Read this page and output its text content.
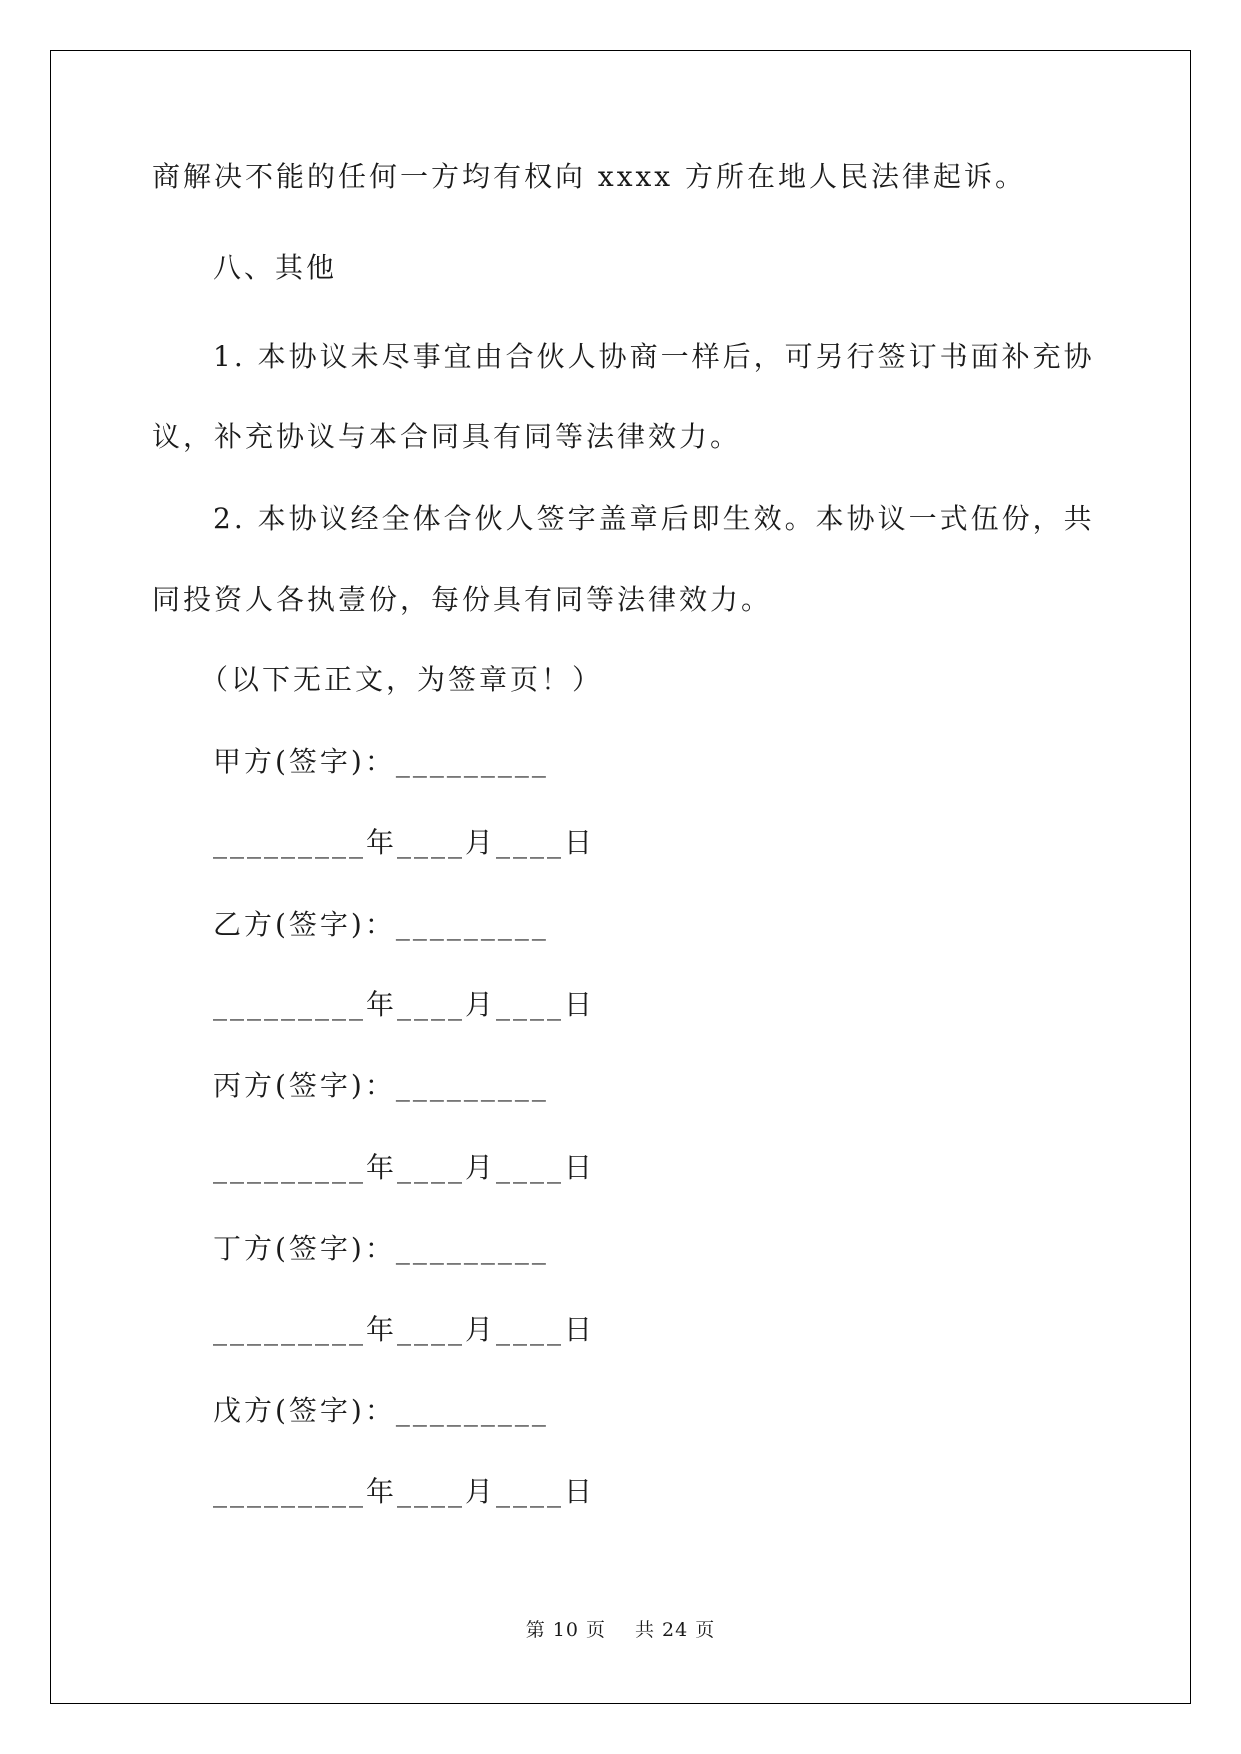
商解决不能的任何一方均有权向 xxxx 方所在地人民法律起诉。
八、其他
1. 本协议未尽事宜由合伙人协商一样后，可另行签订书面补充协
议，补充协议与本合同具有同等法律效力。
2. 本协议经全体合伙人签字盖章后即生效。本协议一式伍份，共
同投资人各执壹份，每份具有同等法律效力。
（以下无正文，为签章页！）
甲方(签字)：_________
_________年____月____日
乙方(签字)：_________
_________年____月____日
丙方(签字)：_________
_________年____月____日
丁方(签字)：_________
_________年____月____日
戊方(签字)：_________
_________年____月____日
第 10 页 共 24 页
